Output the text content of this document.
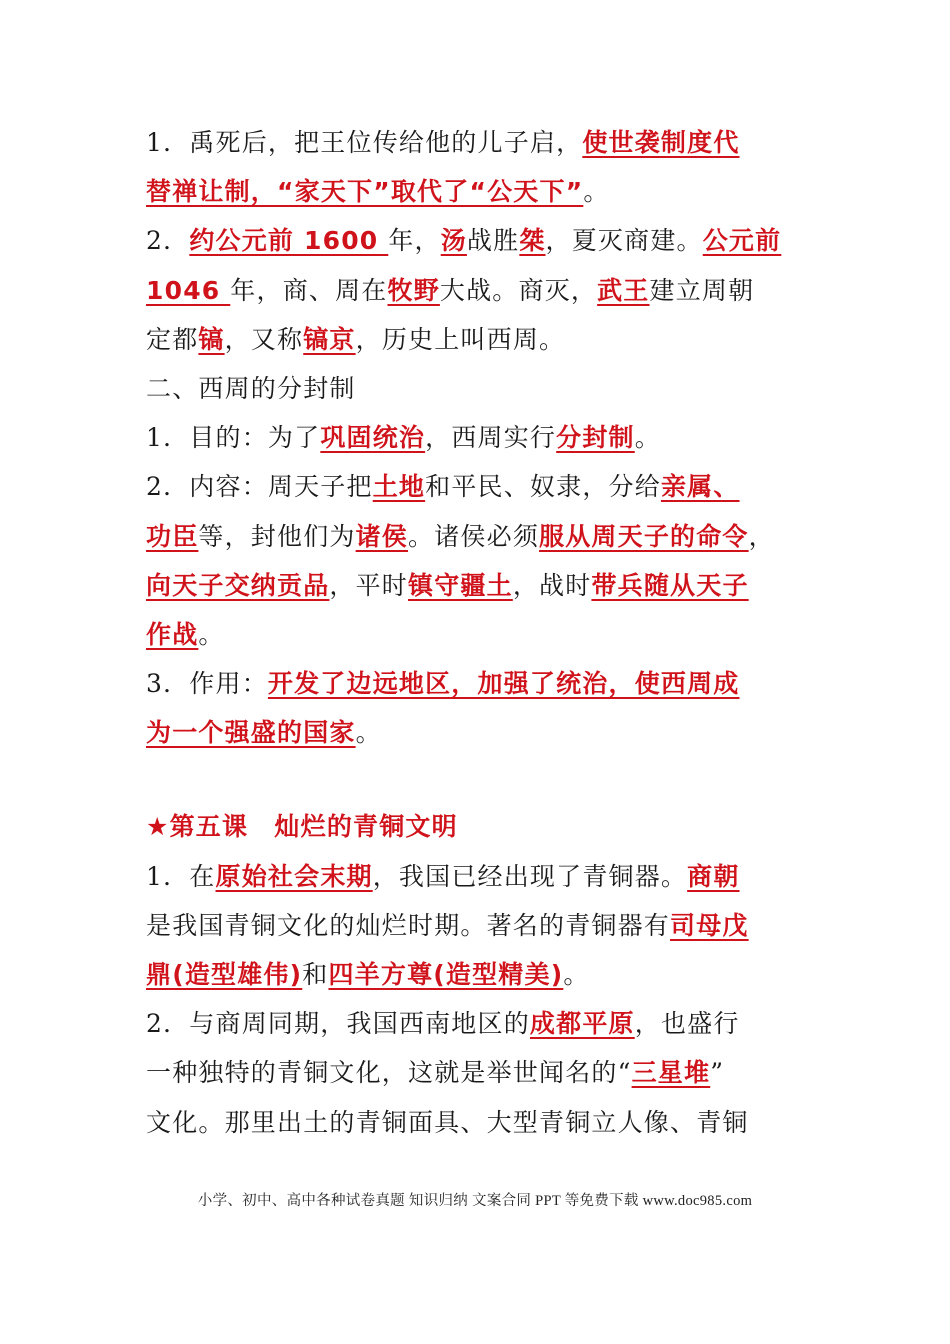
1．禹死后，把王位传给他的儿子启，使世袭制度代
替禅让制，“家天下”取代了“公天下”。
2．约公元前 1600 年，汤战胜桀，夏灭商建。公元前
1046 年，商、周在牧野大战。商灭，武王建立周朝
定都镐，又称镐京，历史上叫西周。
二、西周的分封制
1．目的：为了巩固统治，西周实行分封制。
2．内容：周天子把土地和平民、奴隶，分给亲属、
功臣等，封他们为诸侯。诸侯必须服从周天子的命令，
向天子交纳贡品，平时镇守疆土，战时带兵随从天子
作战。
3．作用：开发了边远地区，加强了统治，使西周成
为一个强盛的国家。
★第五课　灿烂的青铜文明
1．在原始社会末期，我国已经出现了青铜器。商朝
是我国青铜文化的灿烂时期。著名的青铜器有司母戊
鼎(造型雄伟)和四羊方尊(造型精美)。
2．与商周同期，我国西南地区的成都平原，也盛行
一种独特的青铜文化，这就是举世闻名的“三星堆”
文化。那里出土的青铜面具、大型青铜立人像、青铜
小学、初中、高中各种试卷真题 知识归纳 文案合同 PPT 等免费下载 www.doc985.com
